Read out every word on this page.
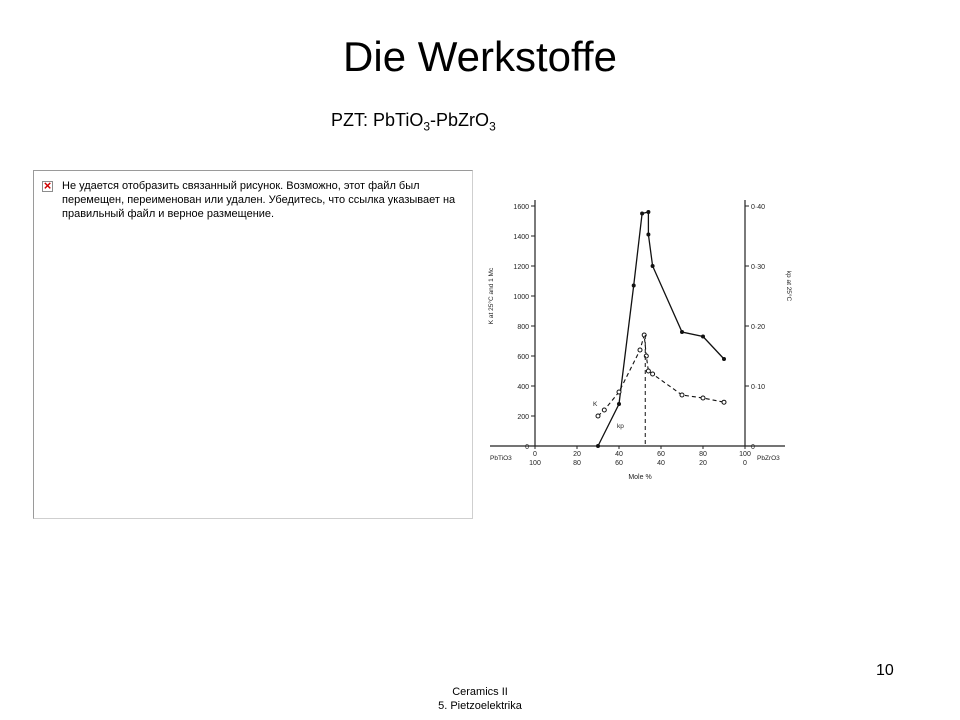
Die Werkstoffe
PZT: PbTiO$_3$-PbZrO$_3$
×
Не удается отобразить связанный рисунок. Возможно, этот файл был перемещен, переименован или удален. Убедитесь, что ссылка указывает на правильный файл и верное размещение.
0
200
400
600
800
1000
1200
1400
1600
0
0·10
0·20
0·30
0·40
0
100
20
80
40
60
60
40
80
20
100
0
PbTiO3	PbZrO3
Mole %
K at 25°C and 1 Mc	kp at 25°C
K
kp
10
Ceramics II
5. Pietzoelektrika
